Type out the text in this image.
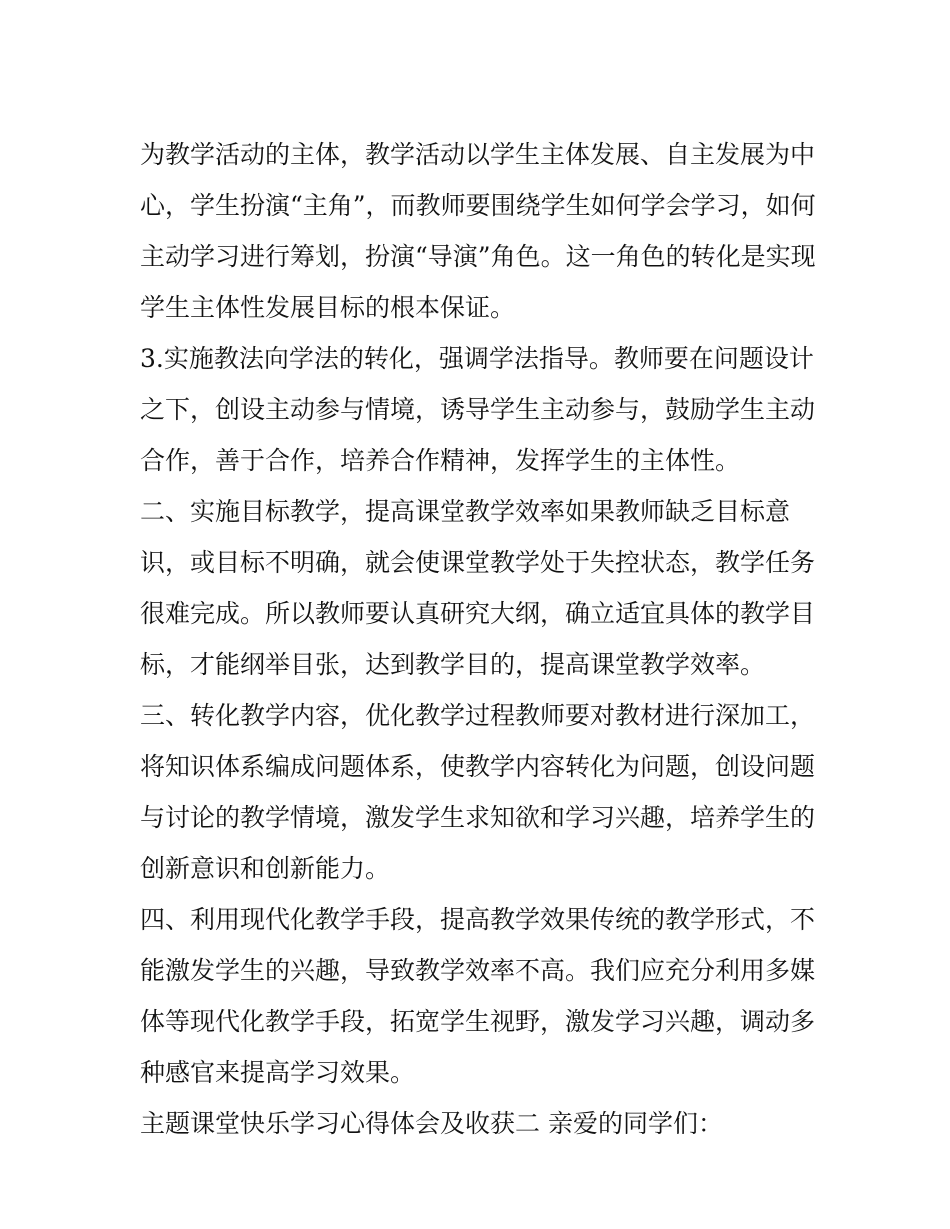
为教学活动的主体，教学活动以学生主体发展、自主发展为中
心，学生扮演“主角”，而教师要围绕学生如何学会学习，如何
主动学习进行筹划，扮演“导演”角色。这一角色的转化是实现
学生主体性发展目标的根本保证。
3.实施教法向学法的转化，强调学法指导。教师要在问题设计
之下，创设主动参与情境，诱导学生主动参与，鼓励学生主动
合作，善于合作，培养合作精神，发挥学生的主体性。
二、实施目标教学，提高课堂教学效率如果教师缺乏目标意
识，或目标不明确，就会使课堂教学处于失控状态，教学任务
很难完成。所以教师要认真研究大纲，确立适宜具体的教学目
标，才能纲举目张，达到教学目的，提高课堂教学效率。
三、转化教学内容，优化教学过程教师要对教材进行深加工，
将知识体系编成问题体系，使教学内容转化为问题，创设问题
与讨论的教学情境，激发学生求知欲和学习兴趣，培养学生的
创新意识和创新能力。
四、利用现代化教学手段，提高教学效果传统的教学形式，不
能激发学生的兴趣，导致教学效率不高。我们应充分利用多媒
体等现代化教学手段，拓宽学生视野，激发学习兴趣，调动多
种感官来提高学习效果。
主题课堂快乐学习心得体会及收获二 亲爱的同学们：
